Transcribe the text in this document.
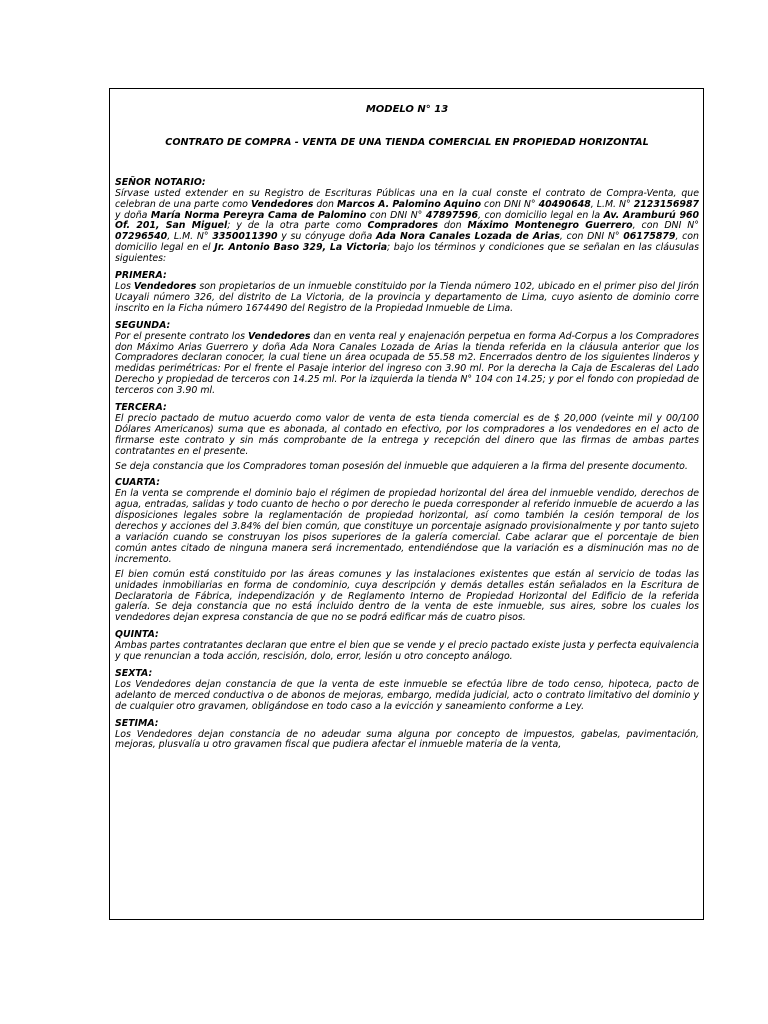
MODELO N° 13
CONTRATO DE COMPRA - VENTA DE UNA TIENDA COMERCIAL EN PROPIEDAD HORIZONTAL
SEÑOR NOTARIO:

Sírvase usted extender en su Registro de Escrituras Públicas una en la cual conste el contrato de Compra-Venta, que celebran de una parte como Vendedores don Marcos A. Palomino Aquino con DNI N° 40490648, L.M. N° 2123156987 y doña María Norma Pereyra Cama de Palomino con DNI N° 47897596, con domicilio legal en la Av. Aramburú 960 Of. 201, San Miguel; y de la otra parte como Compradores don Máximo Montenegro Guerrero, con DNI N° 07296540, L.M. N° 3350011390 y su cónyuge doña Ada Nora Canales Lozada de Arias, con DNI N° 06175879, con domicilio legal en el Jr. Antonio Baso 329, La Victoria; bajo los términos y condiciones que se señalan en las cláusulas siguientes:

PRIMERA:

Los Vendedores son propietarios de un inmueble constituido por la Tienda número 102, ubicado en el primer piso del Jirón Ucayali número 326, del distrito de La Victoria, de la provincia y departamento de Lima, cuyo asiento de dominio corre inscrito en la Ficha número 1674490 del Registro de la Propiedad Inmueble de Lima.

SEGUNDA:

Por el presente contrato los Vendedores dan en venta real y enajenación perpetua en forma Ad-Corpus a los Compradores don Máximo Arias Guerrero y doña Ada Nora Canales Lozada de Arias la tienda referida en la cláusula anterior que los Compradores declaran conocer, la cual tiene un área ocupada de 55.58 m2. Encerrados dentro de los siguientes linderos y medidas perimétricas: Por el frente el Pasaje interior del ingreso con 3.90 ml. Por la derecha la Caja de Escaleras del Lado Derecho y propiedad de terceros con 14.25 ml. Por la izquierda la tienda N° 104 con 14.25; y por el fondo con propiedad de terceros con 3.90 ml.

TERCERA:

El precio pactado de mutuo acuerdo como valor de venta de esta tienda comercial es de $ 20,000 (veinte mil y 00/100 Dólares Americanos) suma que es abonada, al contado en efectivo, por los compradores a los vendedores en el acto de firmarse este contrato y sin más comprobante de la entrega y recepción del dinero que las firmas de ambas partes contratantes en el presente.

Se deja constancia que los Compradores toman posesión del inmueble que adquieren a la firma del presente documento.

CUARTA:

En la venta se comprende el dominio bajo el régimen de propiedad horizontal del área del inmueble vendido, derechos de agua, entradas, salidas y todo cuanto de hecho o por derecho le pueda corresponder al referido inmueble de acuerdo a las disposiciones legales sobre la reglamentación de propiedad horizontal, así como también la cesión temporal de los derechos y acciones del 3.84% del bien común, que constituye un porcentaje asignado provisionalmente y por tanto sujeto a variación cuando se construyan los pisos superiores de la galería comercial. Cabe aclarar que el porcentaje de bien común antes citado de ninguna manera será incrementado, entendiéndose que la variación es a disminución mas no de incremento.

El bien común está constituido por las áreas comunes y las instalaciones existentes que están al servicio de todas las unidades inmobiliarias en forma de condominio, cuya descripción y demás detalles están señalados en la Escritura de Declaratoria de Fábrica, independización y de Reglamento Interno de Propiedad Horizontal del Edificio de la referida galería. Se deja constancia que no está incluido dentro de la venta de este inmueble, sus aires, sobre los cuales los vendedores dejan expresa constancia de que no se podrá edificar más de cuatro pisos.

QUINTA:

Ambas partes contratantes declaran que entre el bien que se vende y el precio pactado existe justa y perfecta equivalencia y que renuncian a toda acción, rescisión, dolo, error, lesión u otro concepto análogo.

SEXTA:

Los Vendedores dejan constancia de que la venta de este inmueble se efectúa libre de todo censo, hipoteca, pacto de adelanto de merced conductiva o de abonos de mejoras, embargo, medida judicial, acto o contrato limitativo del dominio y de cualquier otro gravamen, obligándose en todo caso a la evicción y saneamiento conforme a Ley.

SETIMA:

Los Vendedores dejan constancia de no adeudar suma alguna por concepto de impuestos, gabelas, pavimentación, mejoras, plusvalía u otro gravamen fiscal que pudiera afectar el inmueble materia de la venta,
